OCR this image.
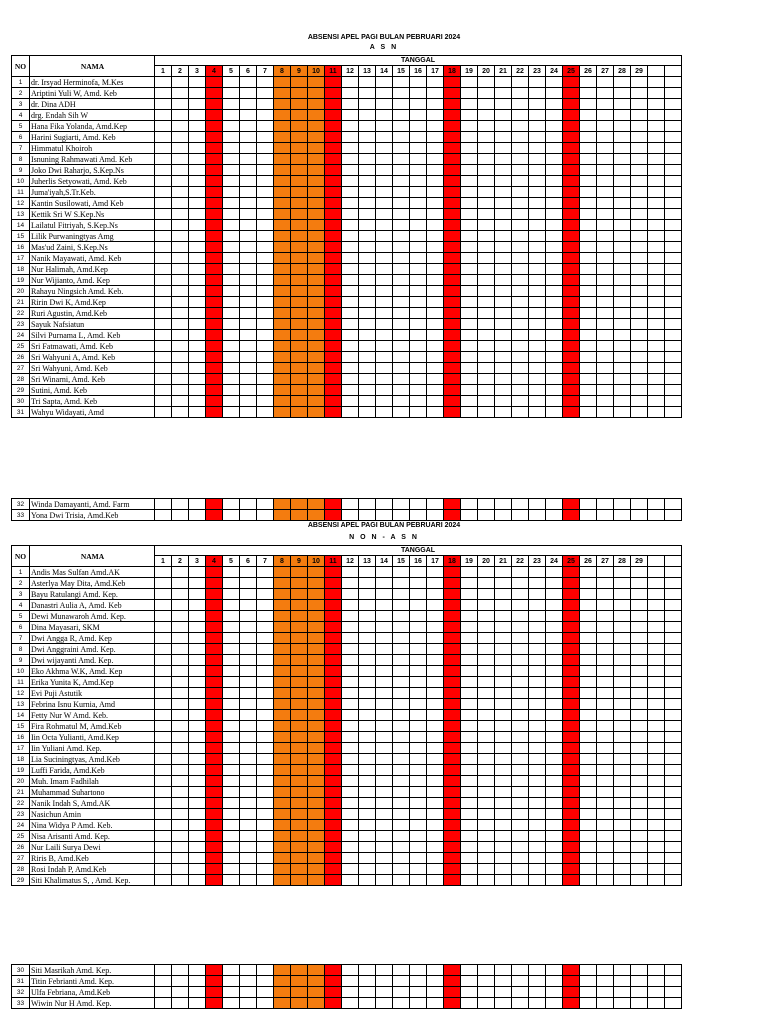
ABSENSI APEL PAGI BULAN PEBRUARI 2024
A S N
NO	NAMA	TANGGAL																														
		1	2	3	4	5	6	7	8	9	10	11	12	13	14	15	16	17	18	19	20	21	22	23	24	25	26	27	28	29		
1	dr. Irsyad Herminofa, M.Kes																															
2	Ariptini Yuli W, Amd. Keb																															
3	dr. Dina ADH																															
4	drg. Endah Sih W																															
5	Hana Fika Yolanda, Amd.Kep																															
6	Harini Sugiarti, Amd. Keb																															
7	Himmatul Khoiroh																															
8	Isnuning Rahmawati Amd. Keb																															
9	Joko Dwi Raharjo, S.Kep.Ns																															
10	Juherlis Setyowati, Amd. Keb																															
11	Juma'iyah,S.Tr.Keb.																															
12	Kantin Susilowati, Amd Keb																															
13	Kettik Sri W S.Kep.Ns																															
14	Lailatul Fitriyah, S.Kep.Ns																															
15	Lilik Purwaningtyas Amg																															
16	Mas'ud Zaini, S.Kep.Ns																															
17	Nanik Mayawati, Amd. Keb																															
18	Nur Halimah, Amd.Kep																															
19	Nur Wijianto, Amd. Kep																															
20	Rahayu Ningsich Amd. Keb.																															
21	Ririn Dwi K, Amd.Kep																															
22	Ruri Agustin, Amd.Keb																															
23	Sayuk Nafsiatun																															
24	Silvi Purnama L, Amd. Keb																															
25	Sri Fatmawati, Amd. Keb																															
26	Sri Wahyuni A, Amd. Keb																															
27	Sri Wahyuni, Amd. Keb																															
28	Sri Winarni, Amd. Keb																															
29	Sutini, Amd. Keb																															
30	Tri Sapta, Amd. Keb																															
31	Wahyu Widayati, Amd																															
32	Winda Damayanti, Amd. Farm																															
33	Yona Dwi Trisia, Amd.Keb																															
ABSENSI APEL PAGI BULAN PEBRUARI 2024
N O N - A S N
NO	NAMA	TANGGAL																														
		1	2	3	4	5	6	7	8	9	10	11	12	13	14	15	16	17	18	19	20	21	22	23	24	25	26	27	28	29		
1	Andis Mas Sulfan Amd.AK																															
2	Asterlya May Dita, Amd.Keb																															
3	Bayu Ratulangi Amd. Kep.																															
4	Danastri Aulia A, Amd. Keb																															
5	Dewi Munawaroh Amd. Kep.																															
6	Dina Mayasari, SKM																															
7	Dwi Angga R, Amd. Kep																															
8	Dwi Anggraini Amd. Kep.																															
9	Dwi wijayanti Amd. Kep.																															
10	Eko Akhma W.K, Amd. Kep																															
11	Erika Yunita K, Amd.Kep																															
12	Evi Puji Astutik																															
13	Febrina Isnu Kurnia, Amd																															
14	Fetty Nur W Amd. Keb.																															
15	Fira Rohmatul M, Amd.Keb																															
16	Iin Octa Yulianti, Amd.Kep																															
17	Iin Yuliani Amd. Kep.																															
18	Lia Suciningtyas, Amd.Keb																															
19	Luffi Farida, Amd.Keb																															
20	Muh. Imam Fadhilah																															
21	Muhammad Suhartono																															
22	Nanik Indah S, Amd.AK																															
23	Nasichun Amin																															
24	Nina Widya P Amd. Keb.																															
25	Nisa Arisanti Amd. Kep.																															
26	Nur Laili Surya Dewi																															
27	Riris B, Amd.Keb																															
28	Rosi Indah P, Amd.Keb																															
29	Siti Khalimatus S, , Amd. Kep.																															
30	Siti Masrikah Amd. Kep.																															
31	Titin Febrianti Amd. Kep.																															
32	Ulfa Febriana, Amd.Keb																															
33	Wiwin Nur H Amd. Kep.																															
